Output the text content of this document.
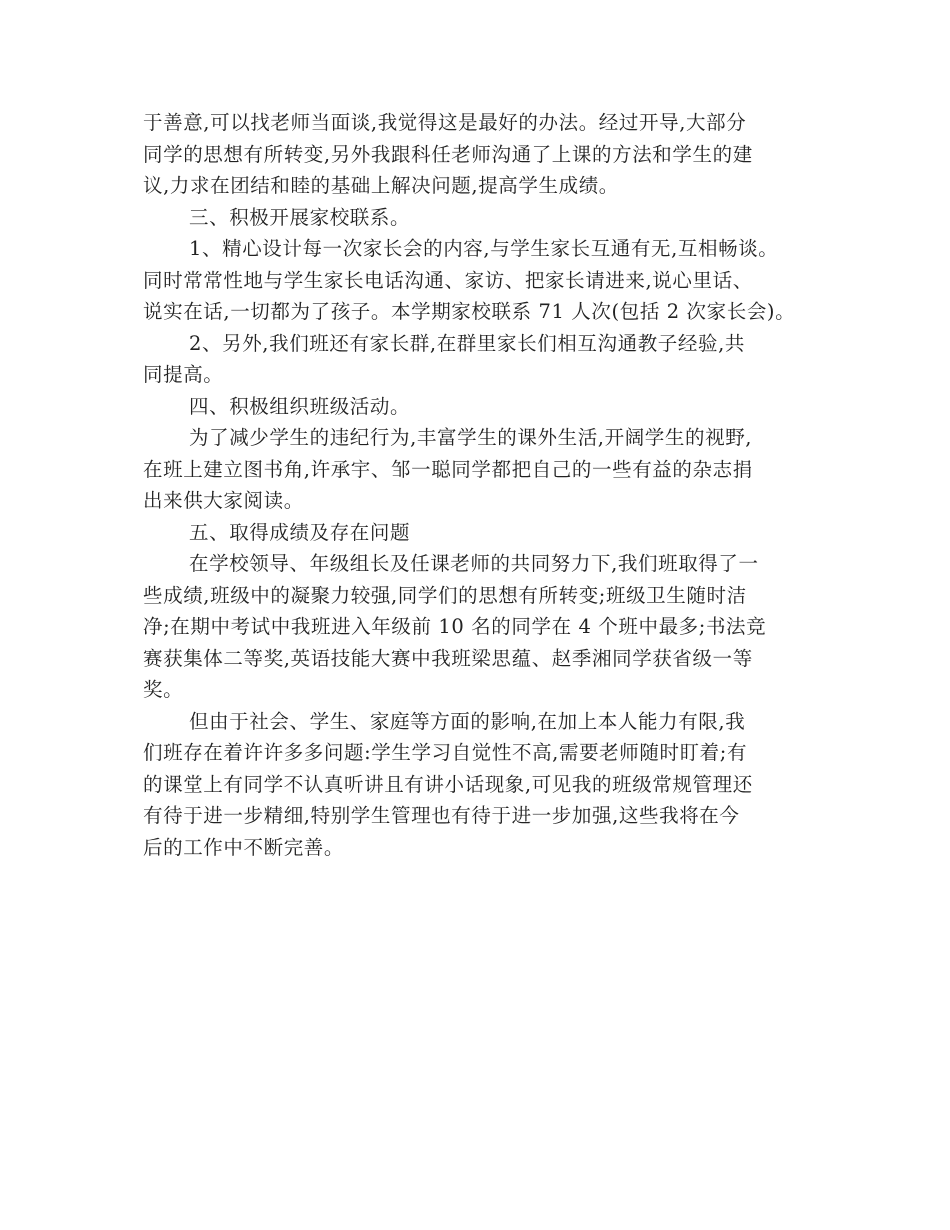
于善意,可以找老师当面谈,我觉得这是最好的办法。经过开导,大部分
同学的思想有所转变,另外我跟科任老师沟通了上课的方法和学生的建
议,力求在团结和睦的基础上解决问题,提高学生成绩。
三、积极开展家校联系。
1、精心设计每一次家长会的内容,与学生家长互通有无,互相畅谈。
同时常常性地与学生家长电话沟通、家访、把家长请进来,说心里话、
说实在话,一切都为了孩子。本学期家校联系 71 人次(包括 2 次家长会)。
2、另外,我们班还有家长群,在群里家长们相互沟通教子经验,共
同提高。
四、积极组织班级活动。
为了减少学生的违纪行为,丰富学生的课外生活,开阔学生的视野,
在班上建立图书角,许承宇、邹一聪同学都把自己的一些有益的杂志捐
出来供大家阅读。
五、取得成绩及存在问题
在学校领导、年级组长及任课老师的共同努力下,我们班取得了一
些成绩,班级中的凝聚力较强,同学们的思想有所转变;班级卫生随时洁
净;在期中考试中我班进入年级前 10 名的同学在 4 个班中最多;书法竞
赛获集体二等奖,英语技能大赛中我班梁思蕴、赵季湘同学获省级一等
奖。
但由于社会、学生、家庭等方面的影响,在加上本人能力有限,我
们班存在着许许多多问题:学生学习自觉性不高,需要老师随时盯着;有
的课堂上有同学不认真听讲且有讲小话现象,可见我的班级常规管理还
有待于进一步精细,特别学生管理也有待于进一步加强,这些我将在今
后的工作中不断完善。
